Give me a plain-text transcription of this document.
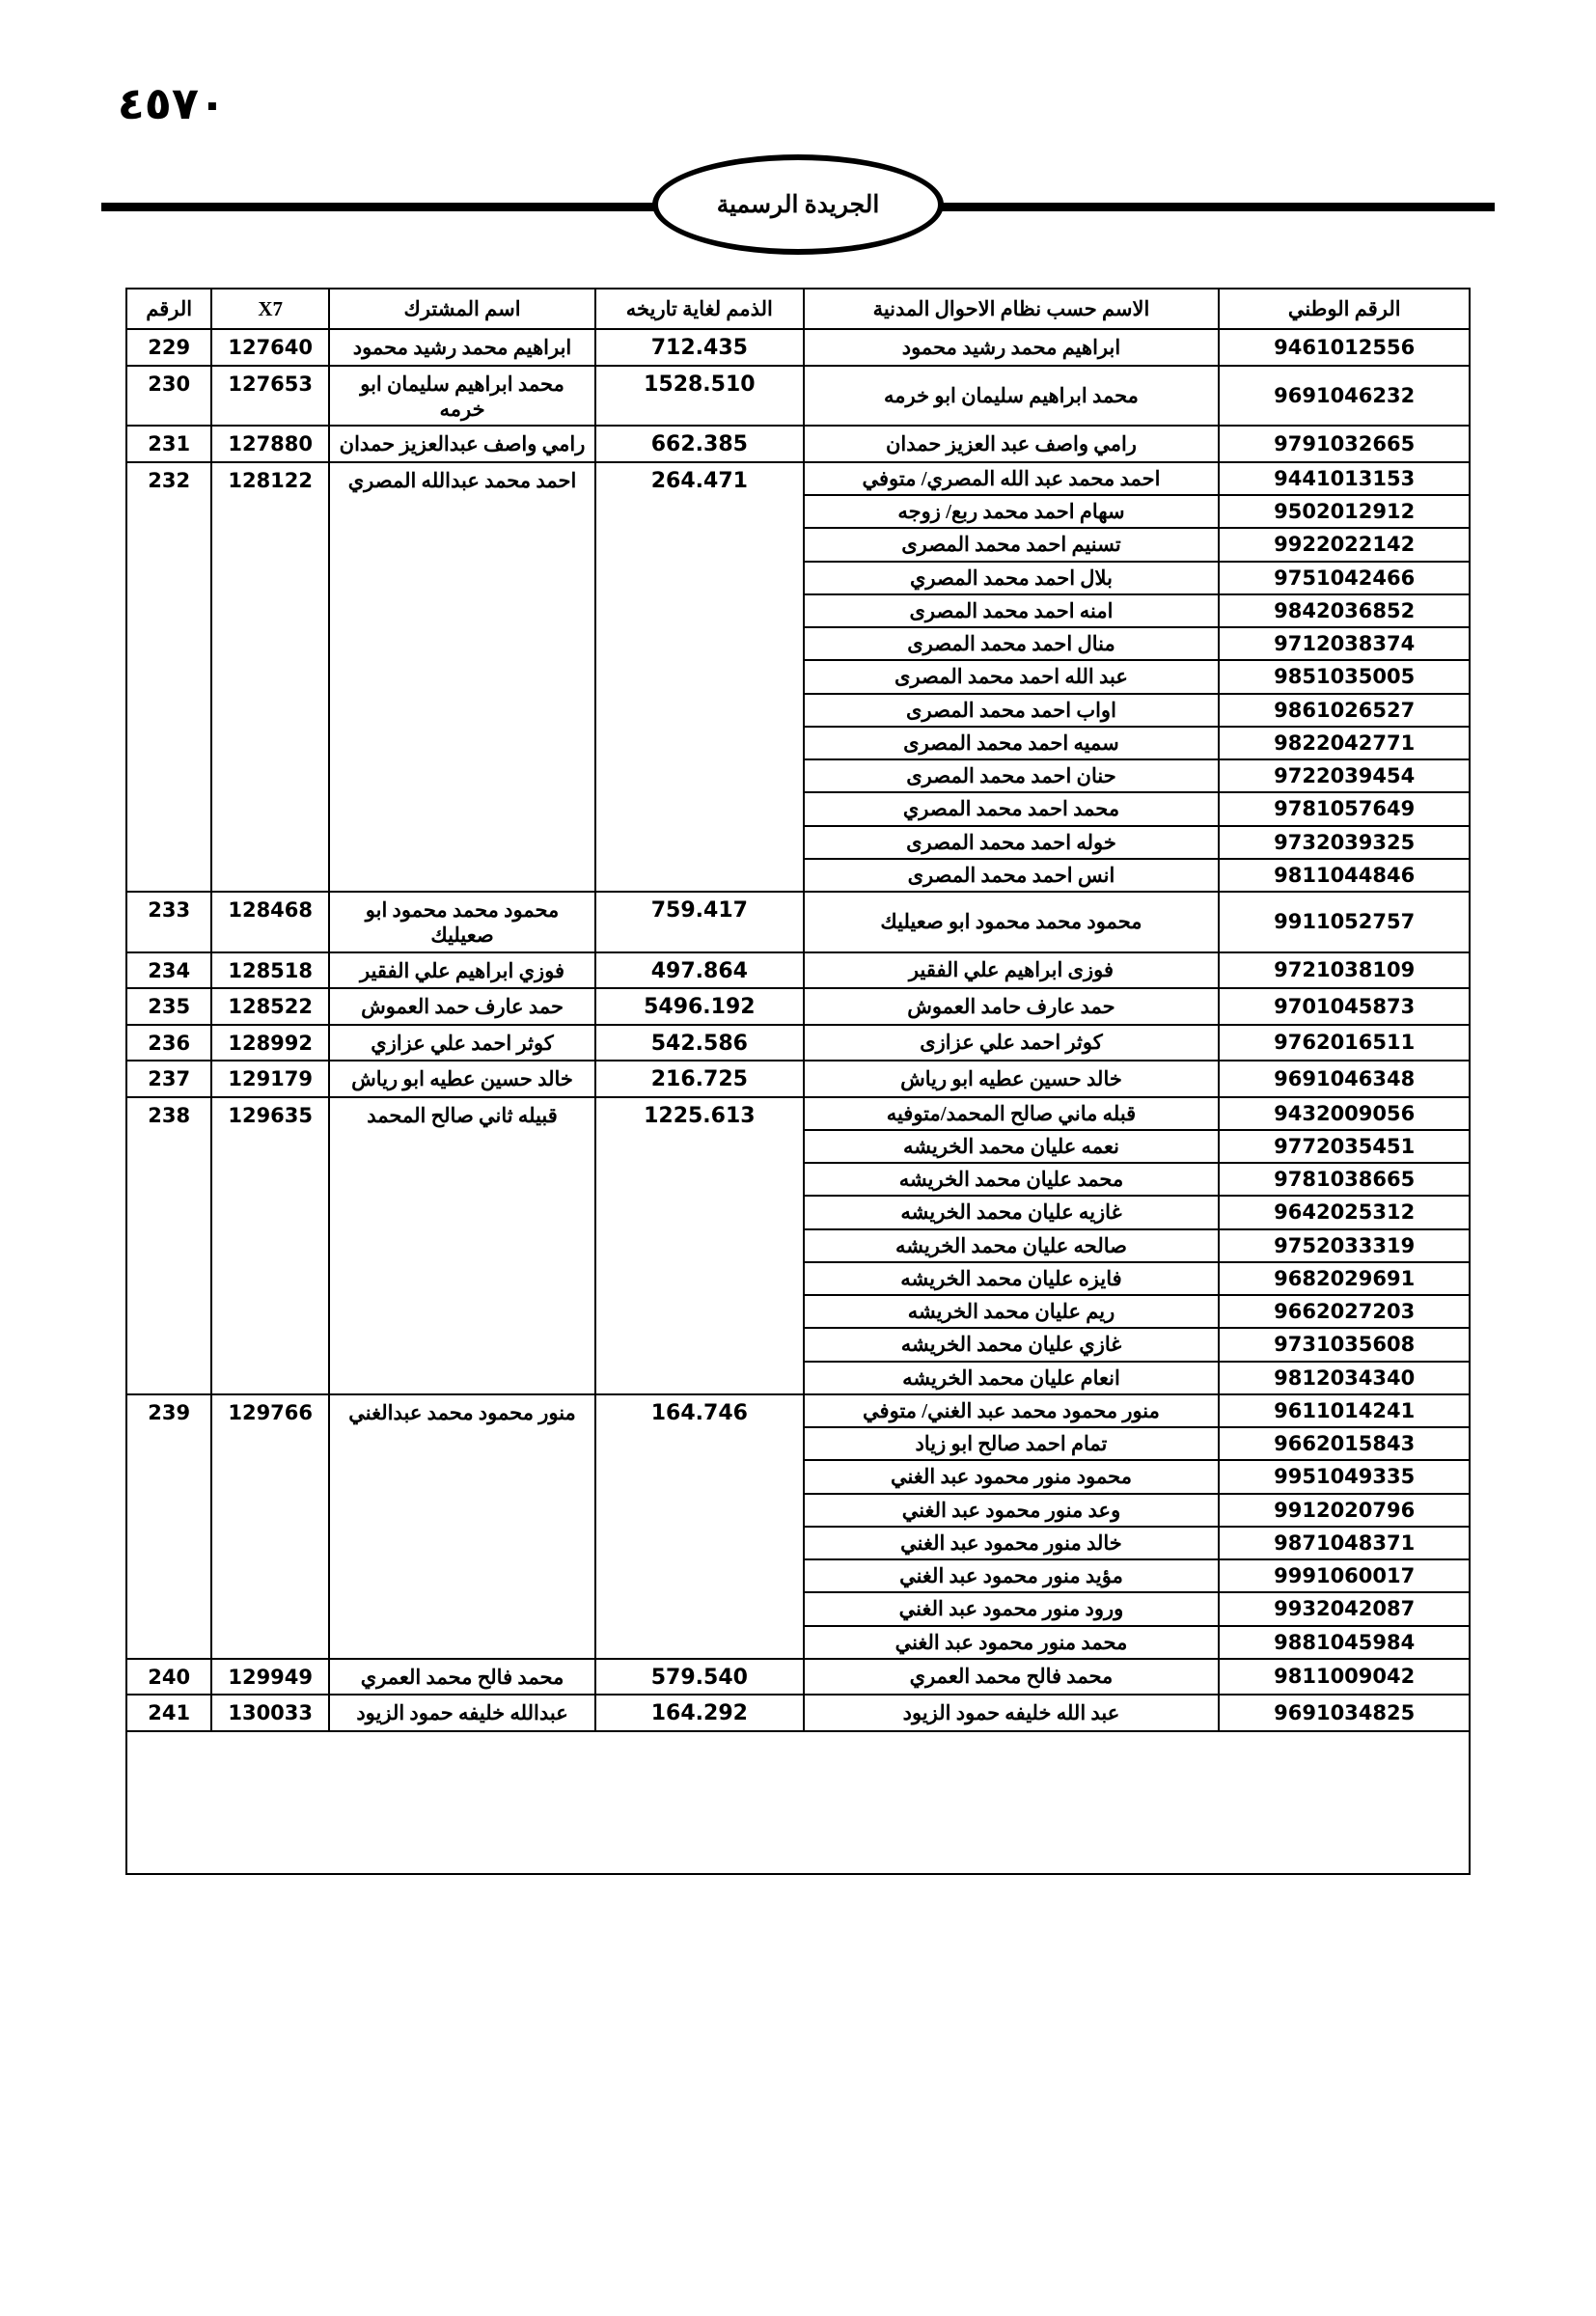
٤٥٧٠
الجريدة الرسمية
الرقم الوطني	الاسم حسب نظام الاحوال المدنية	الذمم لغاية تاريخه	اسم المشترك	X7	الرقم
9461012556	ابراهيم محمد رشيد محمود	712.435	ابراهيم محمد رشيد محمود	127640	229
9691046232	محمد ابراهيم سليمان ابو خرمه	1528.510	محمد ابراهيم سليمان ابو خرمه	127653	230
9791032665	رامي واصف عبد العزيز حمدان	662.385	رامي واصف عبدالعزيز حمدان	127880	231
9441013153	احمد محمد عبد الله المصري/ متوفي	264.471	احمد محمد عبدالله المصري	128122	232
9502012912	سهام احمد محمد ربع/ زوجه				
9922022142	تسنيم احمد محمد المصرى				
9751042466	بلال احمد محمد المصري				
9842036852	امنه احمد محمد المصرى				
9712038374	منال احمد محمد المصرى				
9851035005	عبد الله احمد محمد المصرى				
9861026527	اواب احمد محمد المصرى				
9822042771	سميه احمد محمد المصرى				
9722039454	حنان احمد محمد المصرى				
9781057649	محمد احمد محمد المصري				
9732039325	خوله احمد محمد المصرى				
9811044846	انس احمد محمد المصرى				
9911052757	محمود محمد محمود ابو صعيليك	759.417	محمود محمد محمود ابو صعيليك	128468	233
9721038109	فوزى ابراهيم علي الفقير	497.864	فوزي ابراهيم علي الفقير	128518	234
9701045873	حمد عارف حامد العموش	5496.192	حمد عارف حمد العموش	128522	235
9762016511	كوثر احمد علي عزازى	542.586	كوثر احمد علي عزازي	128992	236
9691046348	خالد حسين عطيه ابو رياش	216.725	خالد حسين عطيه ابو رياش	129179	237
9432009056	قبله ماني صالح المحمد/متوفيه	1225.613	قبيله ثاني صالح المحمد	129635	238
9772035451	نعمه عليان محمد الخريشه				
9781038665	محمد عليان محمد الخريشه				
9642025312	غازيه عليان محمد الخريشه				
9752033319	صالحه عليان محمد الخريشه				
9682029691	فايزه عليان محمد الخريشه				
9662027203	ريم عليان محمد الخريشه				
9731035608	غازي عليان محمد الخريشه				
9812034340	انعام عليان محمد الخريشه				
9611014241	منور محمود محمد عبد الغني/ متوفي	164.746	منور محمود محمد عبدالغني	129766	239
9662015843	تمام احمد صالح ابو زياد				
9951049335	محمود منور محمود عبد الغني				
9912020796	وعد منور محمود عبد الغني				
9871048371	خالد منور محمود عبد الغني				
9991060017	مؤيد منور محمود عبد الغني				
9932042087	ورود منور محمود عبد الغني				
9881045984	محمد منور محمود عبد الغني				
9811009042	محمد فالح محمد العمري	579.540	محمد فالح محمد العمري	129949	240
9691034825	عبد الله خليفه حمود الزيود	164.292	عبدالله خليفه حمود الزيود	130033	241
